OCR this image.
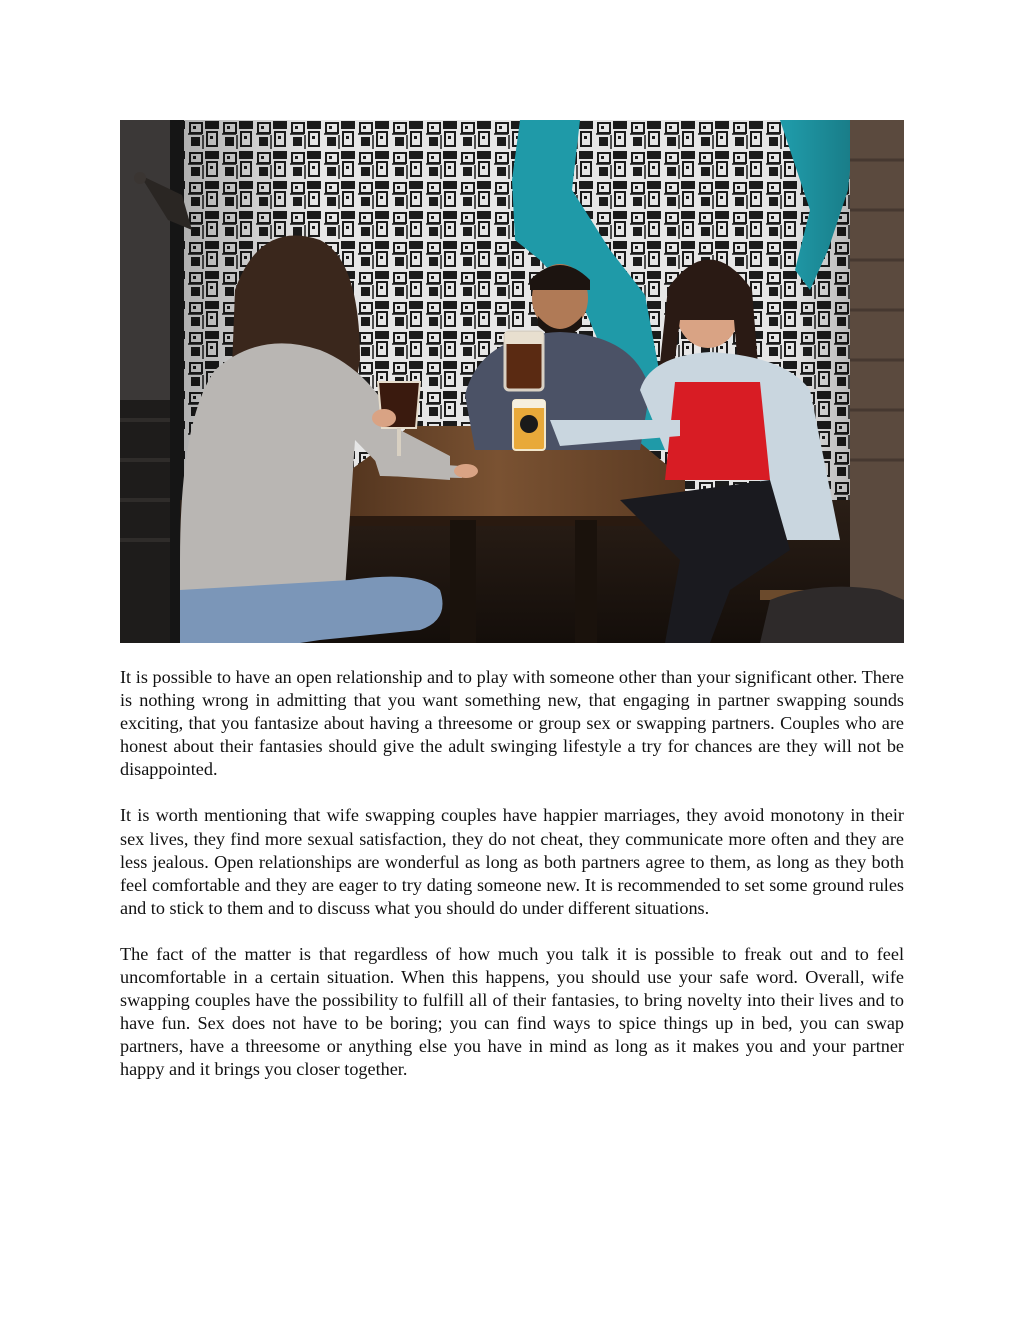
It is possible to have an open relationship and to play with someone other than your significant other. There is nothing wrong in admitting that you want something new, that engaging in partner swapping sounds exciting, that you fantasize about having a threesome or group sex or swapping partners. Couples who are honest about their fantasies should give the adult swinging lifestyle a try for chances are they will not be disappointed.

It is worth mentioning that wife swapping couples have happier marriages, they avoid monotony in their sex lives, they find more sexual satisfaction, they do not cheat, they communicate more often and they are less jealous. Open relationships are wonderful as long as both partners agree to them, as long as they both feel comfortable and they are eager to try dating someone new. It is recommended to set some ground rules and to stick to them and to discuss what you should do under different situations.

The fact of the matter is that regardless of how much you talk it is possible to freak out and to feel uncomfortable in a certain situation. When this happens, you should use your safe word. Overall, wife swapping couples have the possibility to fulfill all of their fantasies, to bring novelty into their lives and to have fun. Sex does not have to be boring; you can find ways to spice things up in bed, you can swap partners, have a threesome or anything else you have in mind as long as it makes you and your partner happy and it brings you closer together.
